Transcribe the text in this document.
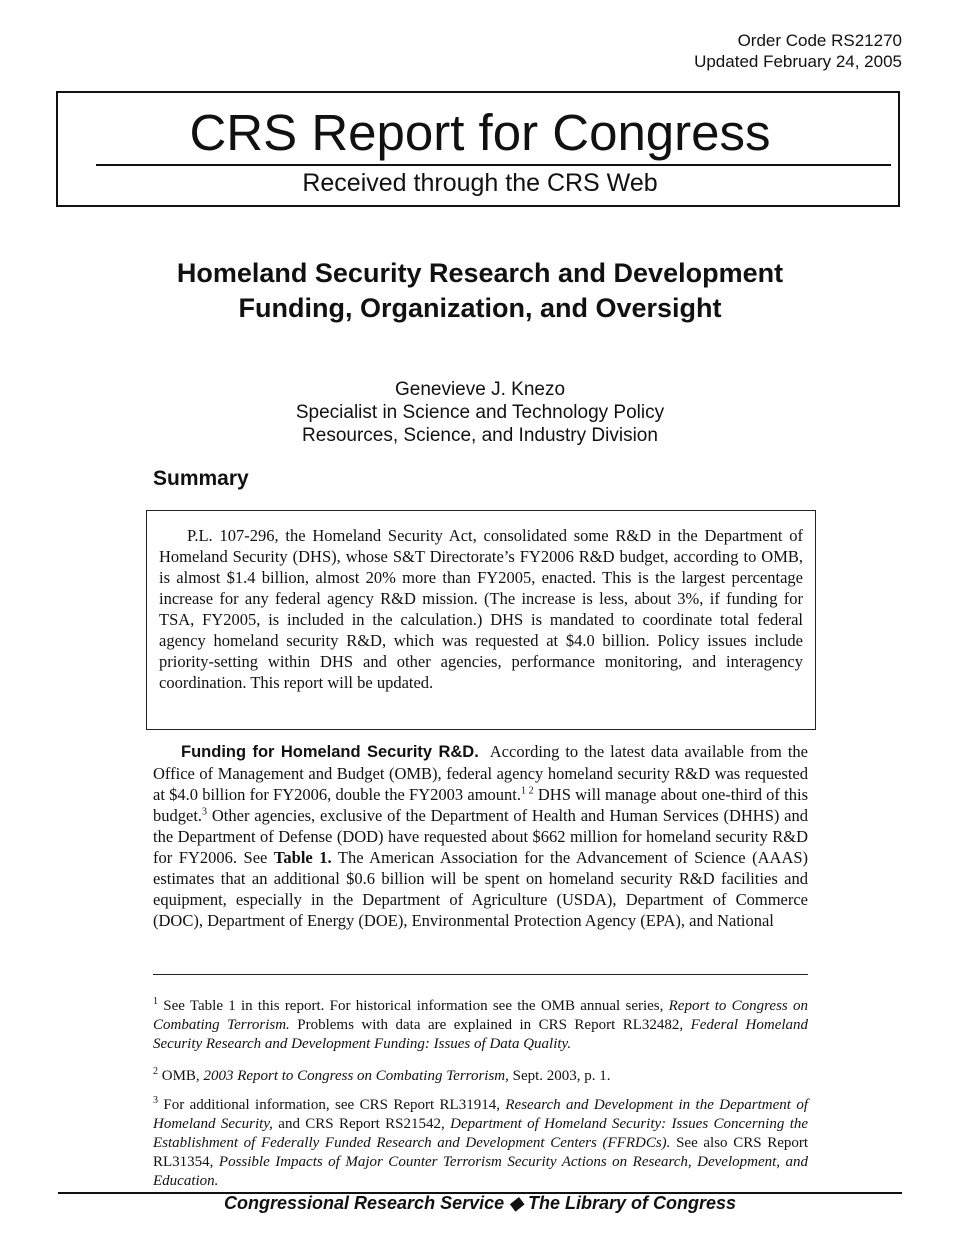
Order Code RS21270
Updated February 24, 2005
CRS Report for Congress
Received through the CRS Web
Homeland Security Research and Development Funding, Organization, and Oversight
Genevieve J. Knezo
Specialist in Science and Technology Policy
Resources, Science, and Industry Division
Summary

P.L. 107-296, the Homeland Security Act, consolidated some R&D in the Department of Homeland Security (DHS), whose S&T Directorate’s FY2006 R&D budget, according to OMB, is almost $1.4 billion, almost 20% more than FY2005, enacted. This is the largest percentage increase for any federal agency R&D mission. (The increase is less, about 3%, if funding for TSA, FY2005, is included in the calculation.) DHS is mandated to coordinate total federal agency homeland security R&D, which was requested at $4.0 billion. Policy issues include priority-setting within DHS and other agencies, performance monitoring, and interagency coordination. This report will be updated.

Funding for Homeland Security R&D. According to the latest data available from the Office of Management and Budget (OMB), federal agency homeland security R&D was requested at $4.0 billion for FY2006, double the FY2003 amount.$^{1 2}$ DHS will manage about one-third of this budget.$^3$ Other agencies, exclusive of the Department of Health and Human Services (DHHS) and the Department of Defense (DOD) have requested about $662 million for homeland security R&D for FY2006. See Table 1. The American Association for the Advancement of Science (AAAS) estimates that an additional $0.6 billion will be spent on homeland security R&D facilities and equipment, especially in the Department of Agriculture (USDA), Department of Commerce (DOC), Department of Energy (DOE), Environmental Protection Agency (EPA), and National

$^1$ See Table 1 in this report. For historical information see the OMB annual series, Report to Congress on Combating Terrorism. Problems with data are explained in CRS Report RL32482, Federal Homeland Security Research and Development Funding: Issues of Data Quality.

$^2$ OMB, 2003 Report to Congress on Combating Terrorism, Sept. 2003, p. 1.

$^3$ For additional information, see CRS Report RL31914, Research and Development in the Department of Homeland Security, and CRS Report RS21542, Department of Homeland Security: Issues Concerning the Establishment of Federally Funded Research and Development Centers (FFRDCs). See also CRS Report RL31354, Possible Impacts of Major Counter Terrorism Security Actions on Research, Development, and Education.

Congressional Research Service ◆ The Library of Congress
